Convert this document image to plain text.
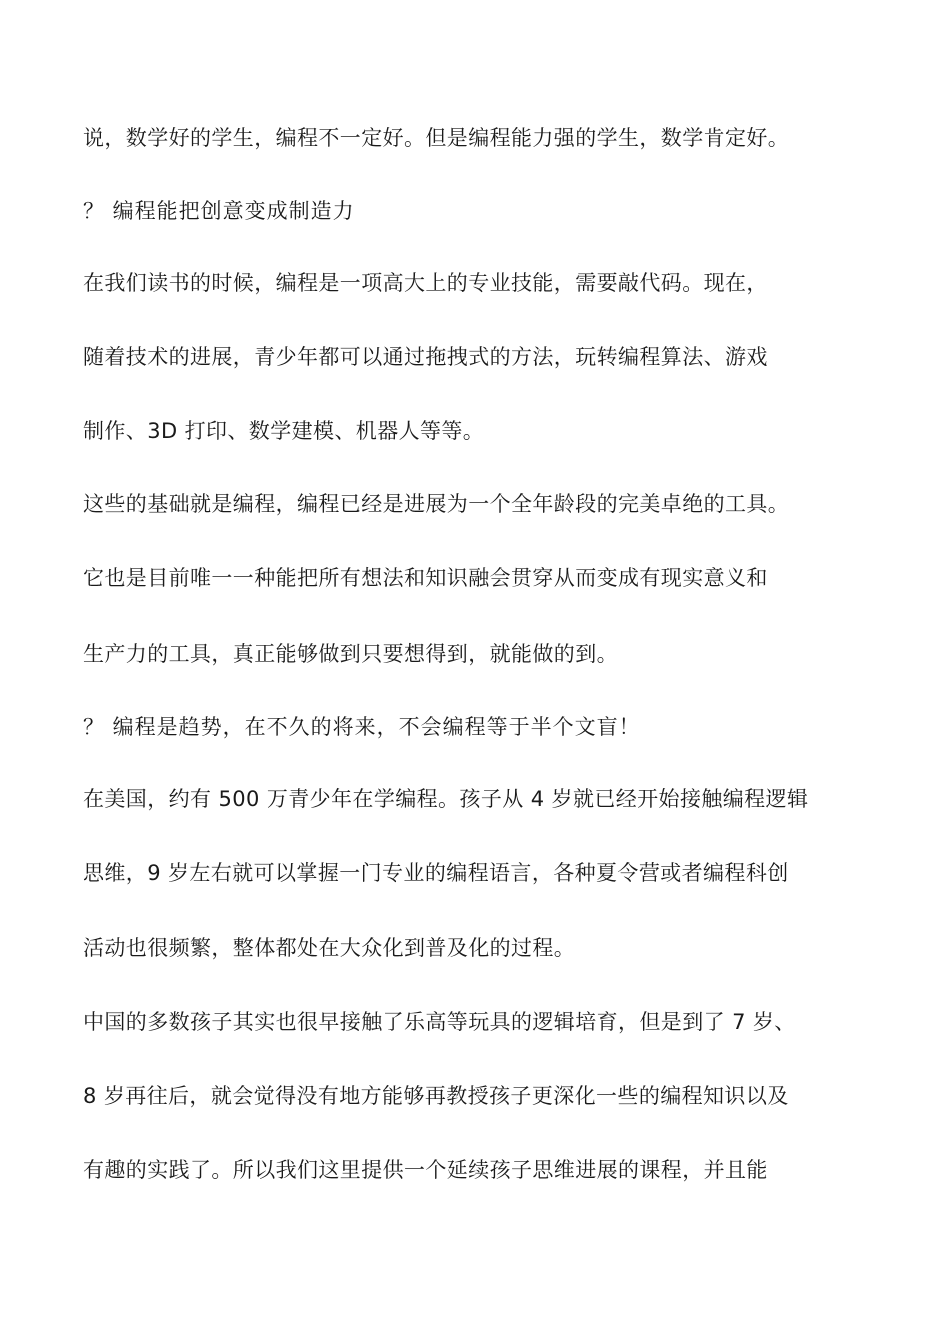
说，数学好的学生，编程不一定好。但是编程能力强的学生，数学肯定好。
？ 编程能把创意变成制造力
在我们读书的时候，编程是一项高大上的专业技能，需要敲代码。现在，
随着技术的进展，青少年都可以通过拖拽式的方法，玩转编程算法、游戏
制作、3D 打印、数学建模、机器人等等。
这些的基础就是编程，编程已经是进展为一个全年龄段的完美卓绝的工具。
它也是目前唯一一种能把所有想法和知识融会贯穿从而变成有现实意义和
生产力的工具，真正能够做到只要想得到，就能做的到。
？ 编程是趋势，在不久的将来，不会编程等于半个文盲！
在美国，约有 500 万青少年在学编程。孩子从 4 岁就已经开始接触编程逻辑
思维，9 岁左右就可以掌握一门专业的编程语言，各种夏令营或者编程科创
活动也很频繁，整体都处在大众化到普及化的过程。
中国的多数孩子其实也很早接触了乐高等玩具的逻辑培育，但是到了 7 岁、
8 岁再往后，就会觉得没有地方能够再教授孩子更深化一些的编程知识以及
有趣的实践了。所以我们这里提供一个延续孩子思维进展的课程，并且能
